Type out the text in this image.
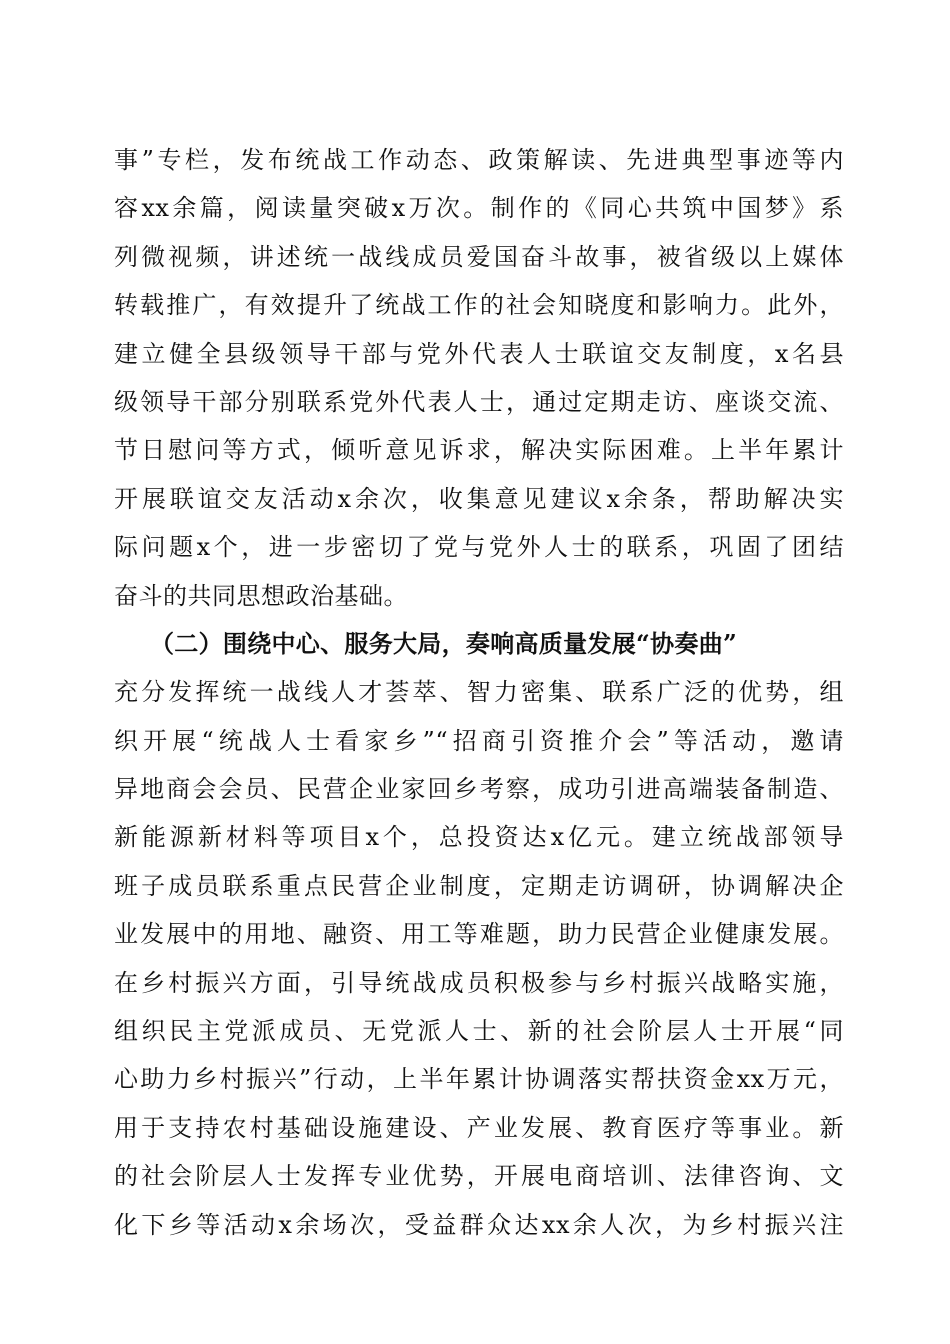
事”专栏，发布统战工作动态、政策解读、先进典型事迹等内
容xx余篇，阅读量突破x万次。制作的《同心共筑中国梦》系
列微视频，讲述统一战线成员爱国奋斗故事，被省级以上媒体
转载推广，有效提升了统战工作的社会知晓度和影响力。此外，
建立健全县级领导干部与党外代表人士联谊交友制度，x名县
级领导干部分别联系党外代表人士，通过定期走访、座谈交流、
节日慰问等方式，倾听意见诉求，解决实际困难。上半年累计
开展联谊交友活动x余次，收集意见建议x余条，帮助解决实
际问题x个，进一步密切了党与党外人士的联系，巩固了团结
奋斗的共同思想政治基础。
（二）围绕中心、服务大局，奏响高质量发展“协奏曲”
充分发挥统一战线人才荟萃、智力密集、联系广泛的优势，组
织开展“统战人士看家乡”“招商引资推介会”等活动，邀请
异地商会会员、民营企业家回乡考察，成功引进高端装备制造、
新能源新材料等项目x个，总投资达x亿元。建立统战部领导
班子成员联系重点民营企业制度，定期走访调研，协调解决企
业发展中的用地、融资、用工等难题，助力民营企业健康发展。
在乡村振兴方面，引导统战成员积极参与乡村振兴战略实施，
组织民主党派成员、无党派人士、新的社会阶层人士开展“同
心助力乡村振兴”行动，上半年累计协调落实帮扶资金xx万元，
用于支持农村基础设施建设、产业发展、教育医疗等事业。新
的社会阶层人士发挥专业优势，开展电商培训、法律咨询、文
化下乡等活动x余场次，受益群众达xx余人次，为乡村振兴注
